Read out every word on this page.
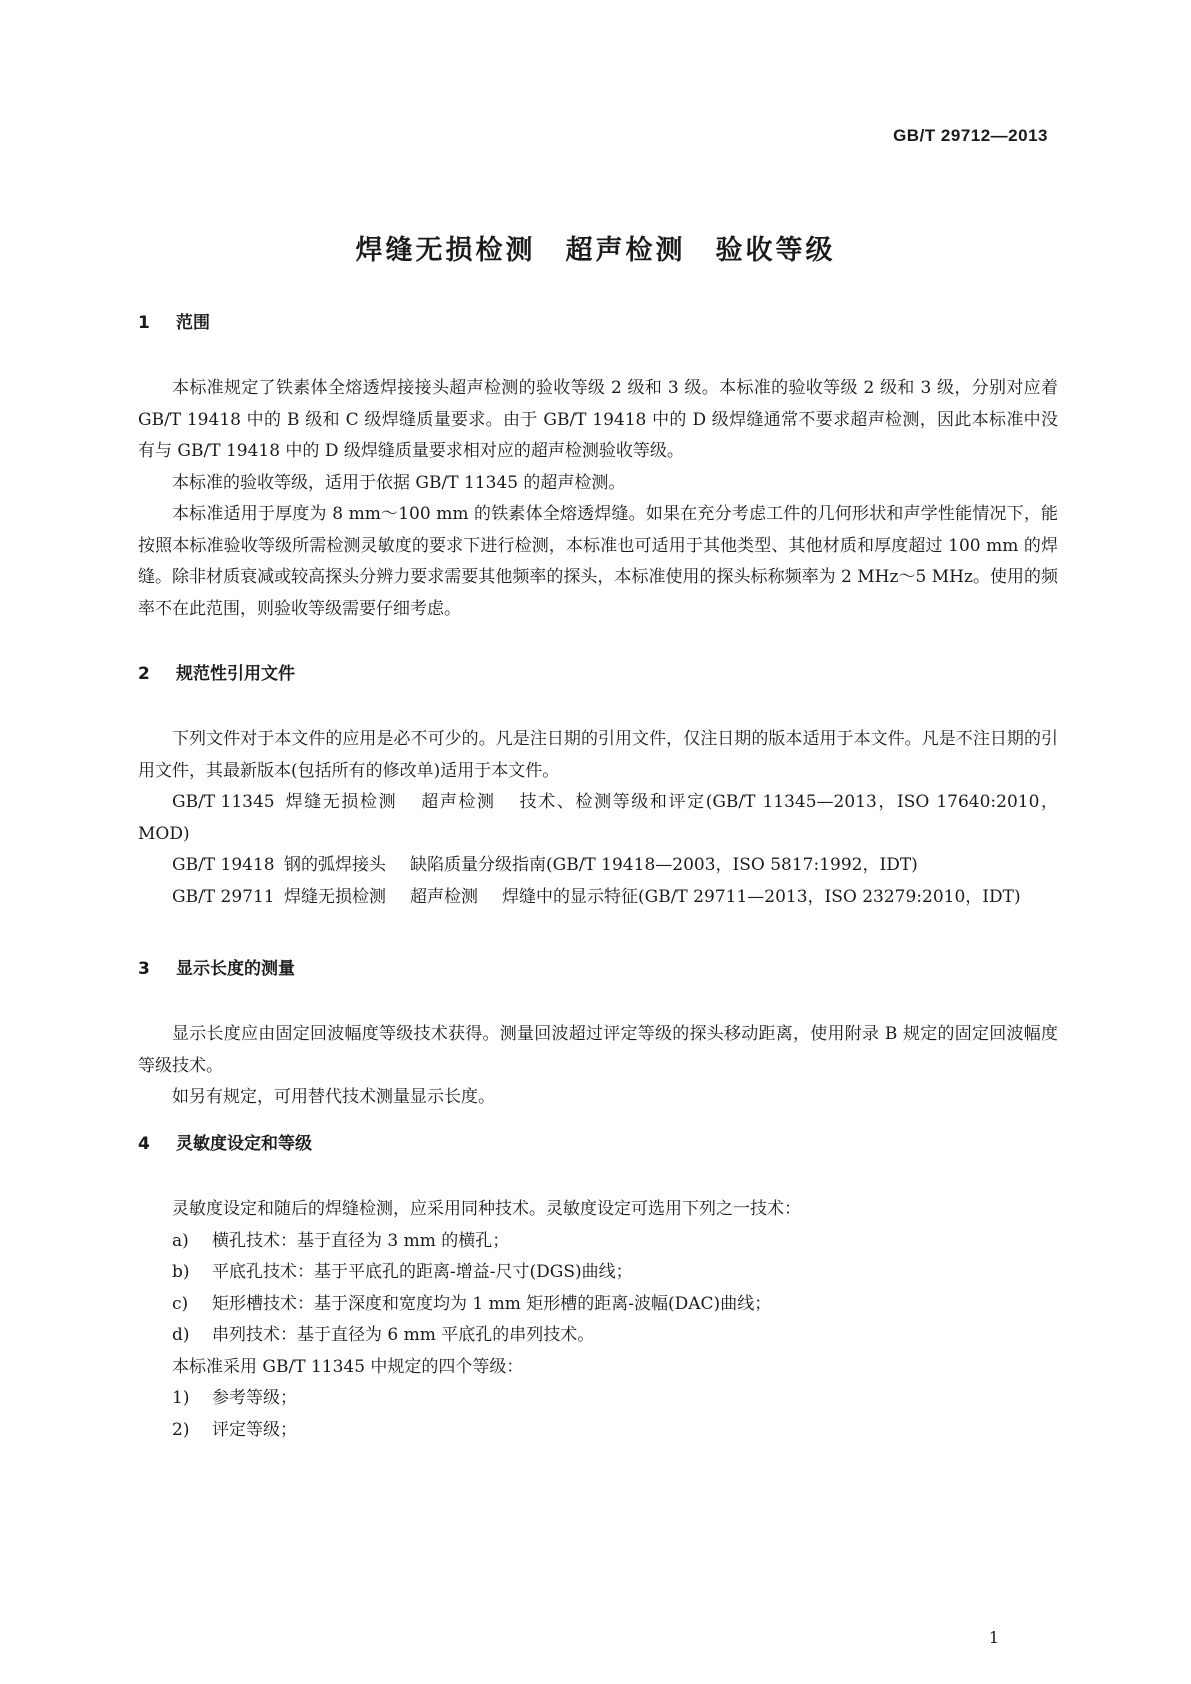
GB/T 29712—2013
焊缝无损检测　超声检测　验收等级
1 范围

本标准规定了铁素体全熔透焊接接头超声检测的验收等级 2 级和 3 级。本标准的验收等级 2 级和 3 级，分别对应着 GB/T 19418 中的 B 级和 C 级焊缝质量要求。由于 GB/T 19418 中的 D 级焊缝通常不要求超声检测，因此本标准中没有与 GB/T 19418 中的 D 级焊缝质量要求相对应的超声检测验收等级。

本标准的验收等级，适用于依据 GB/T 11345 的超声检测。

本标准适用于厚度为 8 mm～100 mm 的铁素体全熔透焊缝。如果在充分考虑工件的几何形状和声学性能情况下，能按照本标准验收等级所需检测灵敏度的要求下进行检测，本标准也可适用于其他类型、其他材质和厚度超过 100 mm 的焊缝。除非材质衰减或较高探头分辨力要求需要其他频率的探头，本标准使用的探头标称频率为 2 MHz～5 MHz。使用的频率不在此范围，则验收等级需要仔细考虑。

2 规范性引用文件

下列文件对于本文件的应用是必不可少的。凡是注日期的引用文件，仅注日期的版本适用于本文件。凡是不注日期的引用文件，其最新版本(包括所有的修改单)适用于本文件。

GB/T 11345 焊缝无损检测 超声检测 技术、检测等级和评定(GB/T 11345—2013，ISO 17640:2010，MOD)
GB/T 19418 钢的弧焊接头 缺陷质量分级指南(GB/T 19418—2003，ISO 5817:1992，IDT)
GB/T 29711 焊缝无损检测 超声检测 焊缝中的显示特征(GB/T 29711—2013，ISO 23279:2010，IDT)
3 显示长度的测量

显示长度应由固定回波幅度等级技术获得。测量回波超过评定等级的探头移动距离，使用附录 B 规定的固定回波幅度等级技术。

如另有规定，可用替代技术测量显示长度。

4 灵敏度设定和等级

灵敏度设定和随后的焊缝检测，应采用同种技术。灵敏度设定可选用下列之一技术：

a) 横孔技术：基于直径为 3 mm 的横孔；
b) 平底孔技术：基于平底孔的距离-增益-尺寸(DGS)曲线；
c) 矩形槽技术：基于深度和宽度均为 1 mm 矩形槽的距离-波幅(DAC)曲线；
d) 串列技术：基于直径为 6 mm 平底孔的串列技术。

本标准采用 GB/T 11345 中规定的四个等级：

1) 参考等级；
2) 评定等级；
1
